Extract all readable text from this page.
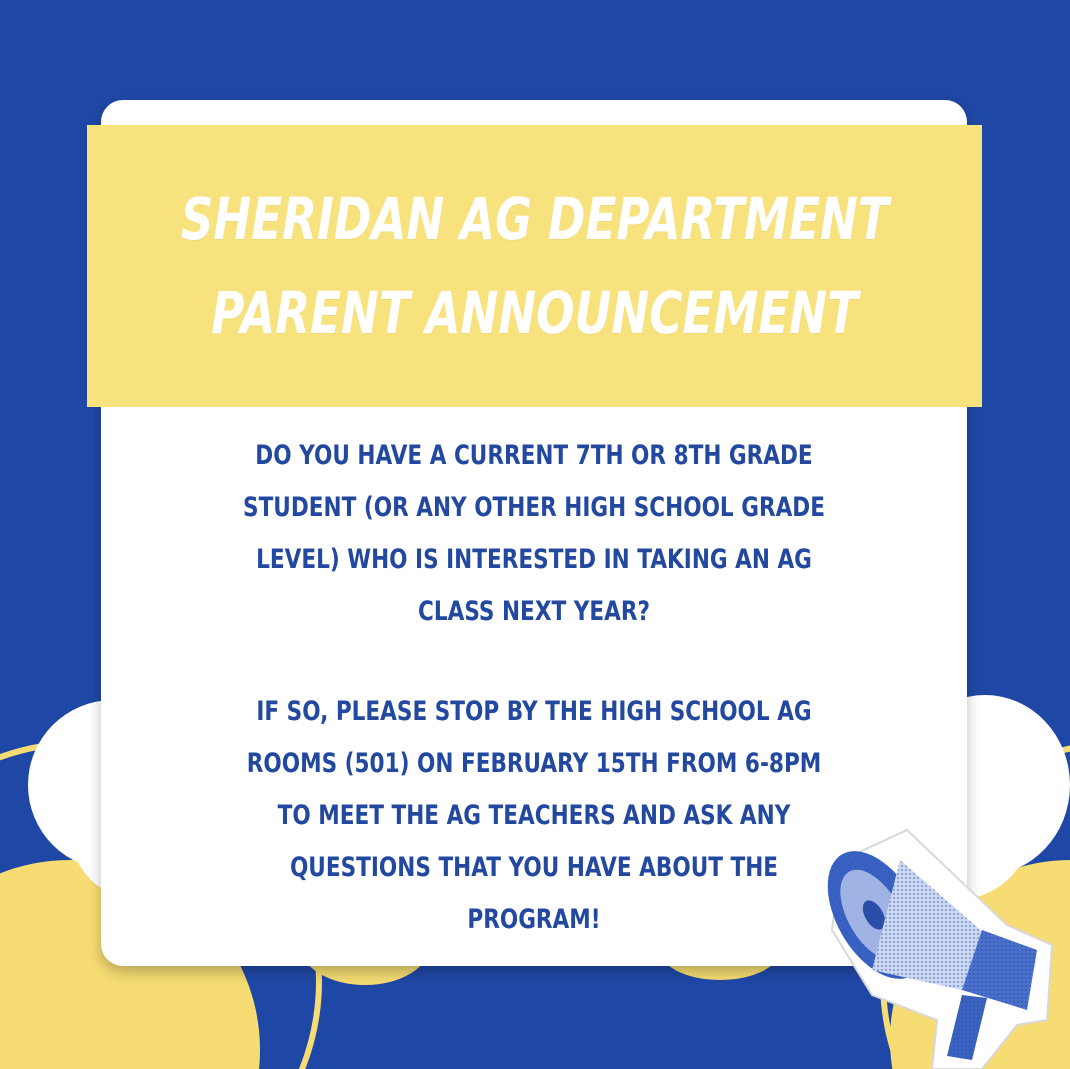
SHERIDAN AG DEPARTMENT
PARENT ANNOUNCEMENT
DO YOU HAVE A CURRENT 7TH OR 8TH GRADE
STUDENT (OR ANY OTHER HIGH SCHOOL GRADE
LEVEL) WHO IS INTERESTED IN TAKING AN AG
CLASS NEXT YEAR?
IF SO, PLEASE STOP BY THE HIGH SCHOOL AG
ROOMS (501) ON FEBRUARY 15TH FROM 6-8PM
TO MEET THE AG TEACHERS AND ASK ANY
QUESTIONS THAT YOU HAVE ABOUT THE
PROGRAM!
